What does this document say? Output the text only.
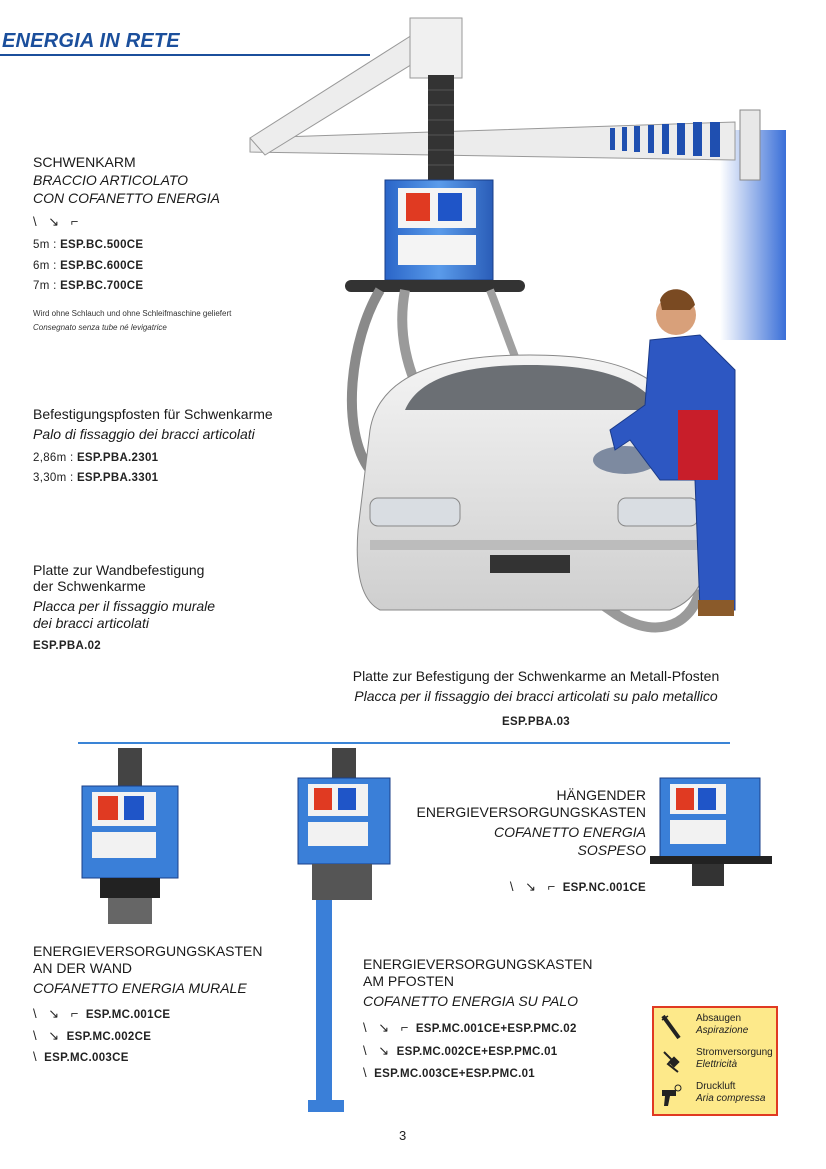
ENERGIA IN RETE
SCHWENKARM
BRACCIO ARTICOLATO
CON COFANETTO ENERGIA
\ ↘ ⌐
5m : ESP.BC.500CE
6m : ESP.BC.600CE
7m : ESP.BC.700CE
Wird ohne Schlauch und ohne Schleifmaschine geliefert
Consegnato senza tube né levigatrice
Befestigungspfosten für Schwenkarme
Palo di fissaggio dei bracci articolati
2,86m : ESP.PBA.2301
3,30m : ESP.PBA.3301
Platte zur Wandbefestigung
der Schwenkarme
Placca per il fissaggio murale
dei bracci articolati
ESP.PBA.02
Platte zur Befestigung der Schwenkarme an Metall-Pfosten
Placca per il fissaggio dei bracci articolati su palo metallico
ESP.PBA.03
HÄNGENDER
ENERGIEVERSORGUNGSKASTEN
COFANETTO ENERGIA
SOSPESO
\ ↘ ⌐ ESP.NC.001CE
ENERGIEVERSORGUNGSKASTEN
AN DER WAND
COFANETTO ENERGIA MURALE
\ ↘ ⌐ ESP.MC.001CE
\ ↘ ESP.MC.002CE
\ ESP.MC.003CE
ENERGIEVERSORGUNGSKASTEN
AM PFOSTEN
COFANETTO ENERGIA SU PALO
\ ↘ ⌐ ESP.MC.001CE+ESP.PMC.02
\ ↘ ESP.MC.002CE+ESP.PMC.01
\ ESP.MC.003CE+ESP.PMC.01
Absaugen
Aspirazione
Stromversorgung
Elettricità
Druckluft
Aria compressa
3
